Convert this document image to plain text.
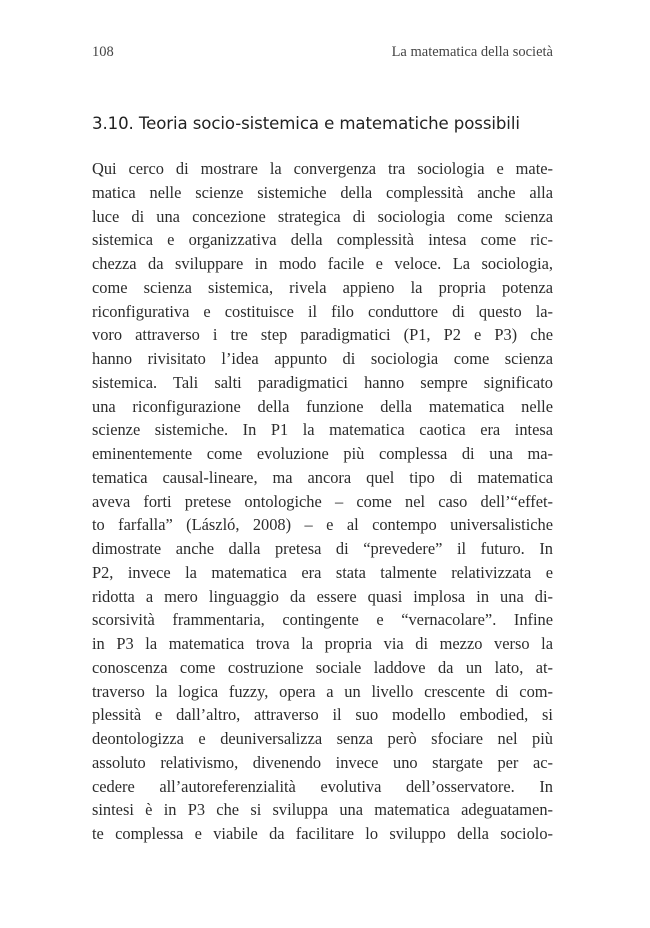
108	La matematica della società
3.10. Teoria socio-sistemica e matematiche possibili
Qui cerco di mostrare la convergenza tra sociologia e mate-
matica nelle scienze sistemiche della complessità anche alla
luce di una concezione strategica di sociologia come scienza
sistemica e organizzativa della complessità intesa come ric-
chezza da sviluppare in modo facile e veloce. La sociologia,
come scienza sistemica, rivela appieno la propria potenza
riconfigurativa e costituisce il filo conduttore di questo la-
voro attraverso i tre step paradigmatici (P1, P2 e P3) che
hanno rivisitato l’idea appunto di sociologia come scienza
sistemica. Tali salti paradigmatici hanno sempre significato
una riconfigurazione della funzione della matematica nelle
scienze sistemiche. In P1 la matematica caotica era intesa
eminentemente come evoluzione più complessa di una ma-
tematica causal-lineare, ma ancora quel tipo di matematica
aveva forti pretese ontologiche – come nel caso dell’“effet-
to farfalla” (László, 2008) – e al contempo universalistiche
dimostrate anche dalla pretesa di “prevedere” il futuro. In
P2, invece la matematica era stata talmente relativizzata e
ridotta a mero linguaggio da essere quasi implosa in una di-
scorsività frammentaria, contingente e “vernacolare”. Infine
in P3 la matematica trova la propria via di mezzo verso la
conoscenza come costruzione sociale laddove da un lato, at-
traverso la logica fuzzy, opera a un livello crescente di com-
plessità e dall’altro, attraverso il suo modello embodied, si
deontologizza e deuniversalizza senza però sfociare nel più
assoluto relativismo, divenendo invece uno stargate per ac-
cedere all’autoreferenzialità evolutiva dell’osservatore. In
sintesi è in P3 che si sviluppa una matematica adeguatamen-
te complessa e viabile da facilitare lo sviluppo della sociolo-
